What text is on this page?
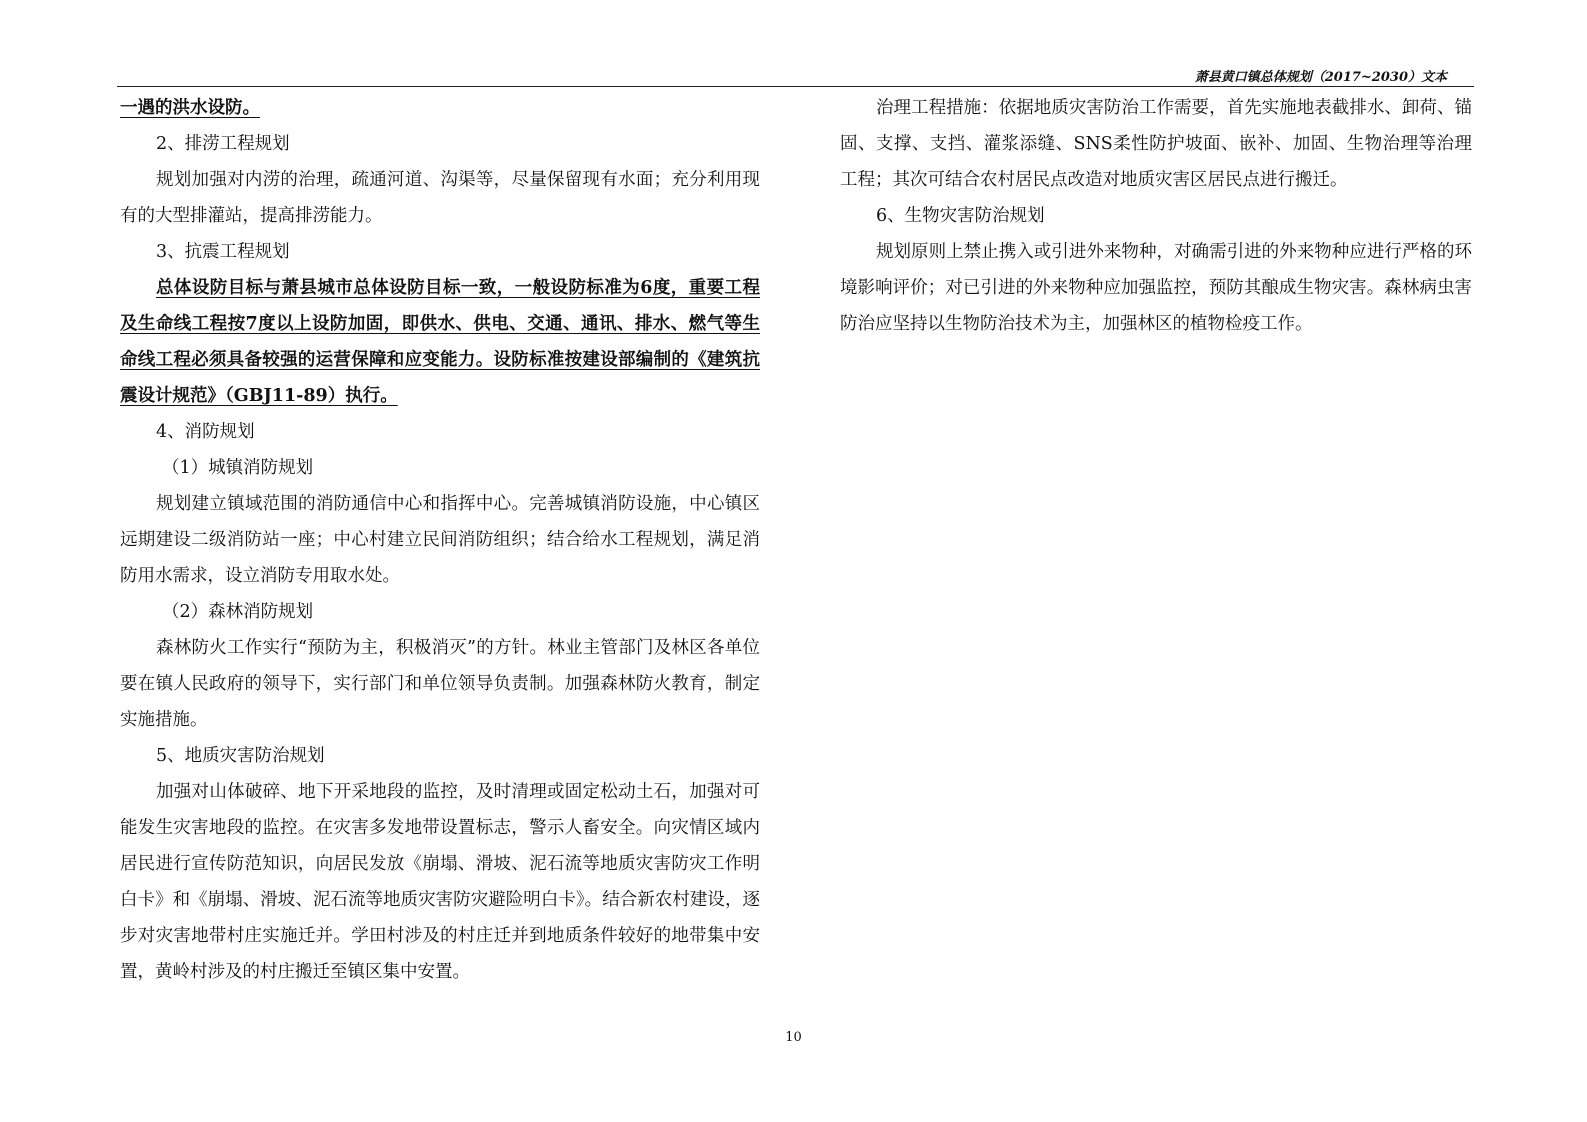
萧县黄口镇总体规划（2017~2030）文本

一遇的洪水设防。

2、排涝工程规划

规划加强对内涝的治理，疏通河道、沟渠等，尽量保留现有水面；充分利用现有的大型排灌站，提高排涝能力。

3、抗震工程规划

总体设防目标与萧县城市总体设防目标一致，一般设防标准为6度，重要工程及生命线工程按7度以上设防加固，即供水、供电、交通、通讯、排水、燃气等生命线工程必须具备较强的运营保障和应变能力。设防标准按建设部编制的《建筑抗震设计规范》（GBJ11-89）执行。

4、消防规划

（1）城镇消防规划

规划建立镇域范围的消防通信中心和指挥中心。完善城镇消防设施，中心镇区远期建设二级消防站一座；中心村建立民间消防组织；结合给水工程规划，满足消防用水需求，设立消防专用取水处。

（2）森林消防规划

森林防火工作实行“预防为主，积极消灭”的方针。林业主管部门及林区各单位要在镇人民政府的领导下，实行部门和单位领导负责制。加强森林防火教育，制定实施措施。

5、地质灾害防治规划

加强对山体破碎、地下开采地段的监控，及时清理或固定松动土石，加强对可能发生灾害地段的监控。在灾害多发地带设置标志，警示人畜安全。向灾情区域内居民进行宣传防范知识，向居民发放《崩塌、滑坡、泥石流等地质灾害防灾工作明白卡》和《崩塌、滑坡、泥石流等地质灾害防灾避险明白卡》。结合新农村建设，逐步对灾害地带村庄实施迁并。学田村涉及的村庄迁并到地质条件较好的地带集中安置，黄岭村涉及的村庄搬迁至镇区集中安置。

治理工程措施：依据地质灾害防治工作需要，首先实施地表截排水、卸荷、锚固、支撑、支挡、灌浆添缝、SNS柔性防护坡面、嵌补、加固、生物治理等治理工程；其次可结合农村居民点改造对地质灾害区居民点进行搬迁。

6、生物灾害防治规划

规划原则上禁止携入或引进外来物种，对确需引进的外来物种应进行严格的环境影响评价；对已引进的外来物种应加强监控，预防其酿成生物灾害。森林病虫害防治应坚持以生物防治技术为主，加强林区的植物检疫工作。

10
